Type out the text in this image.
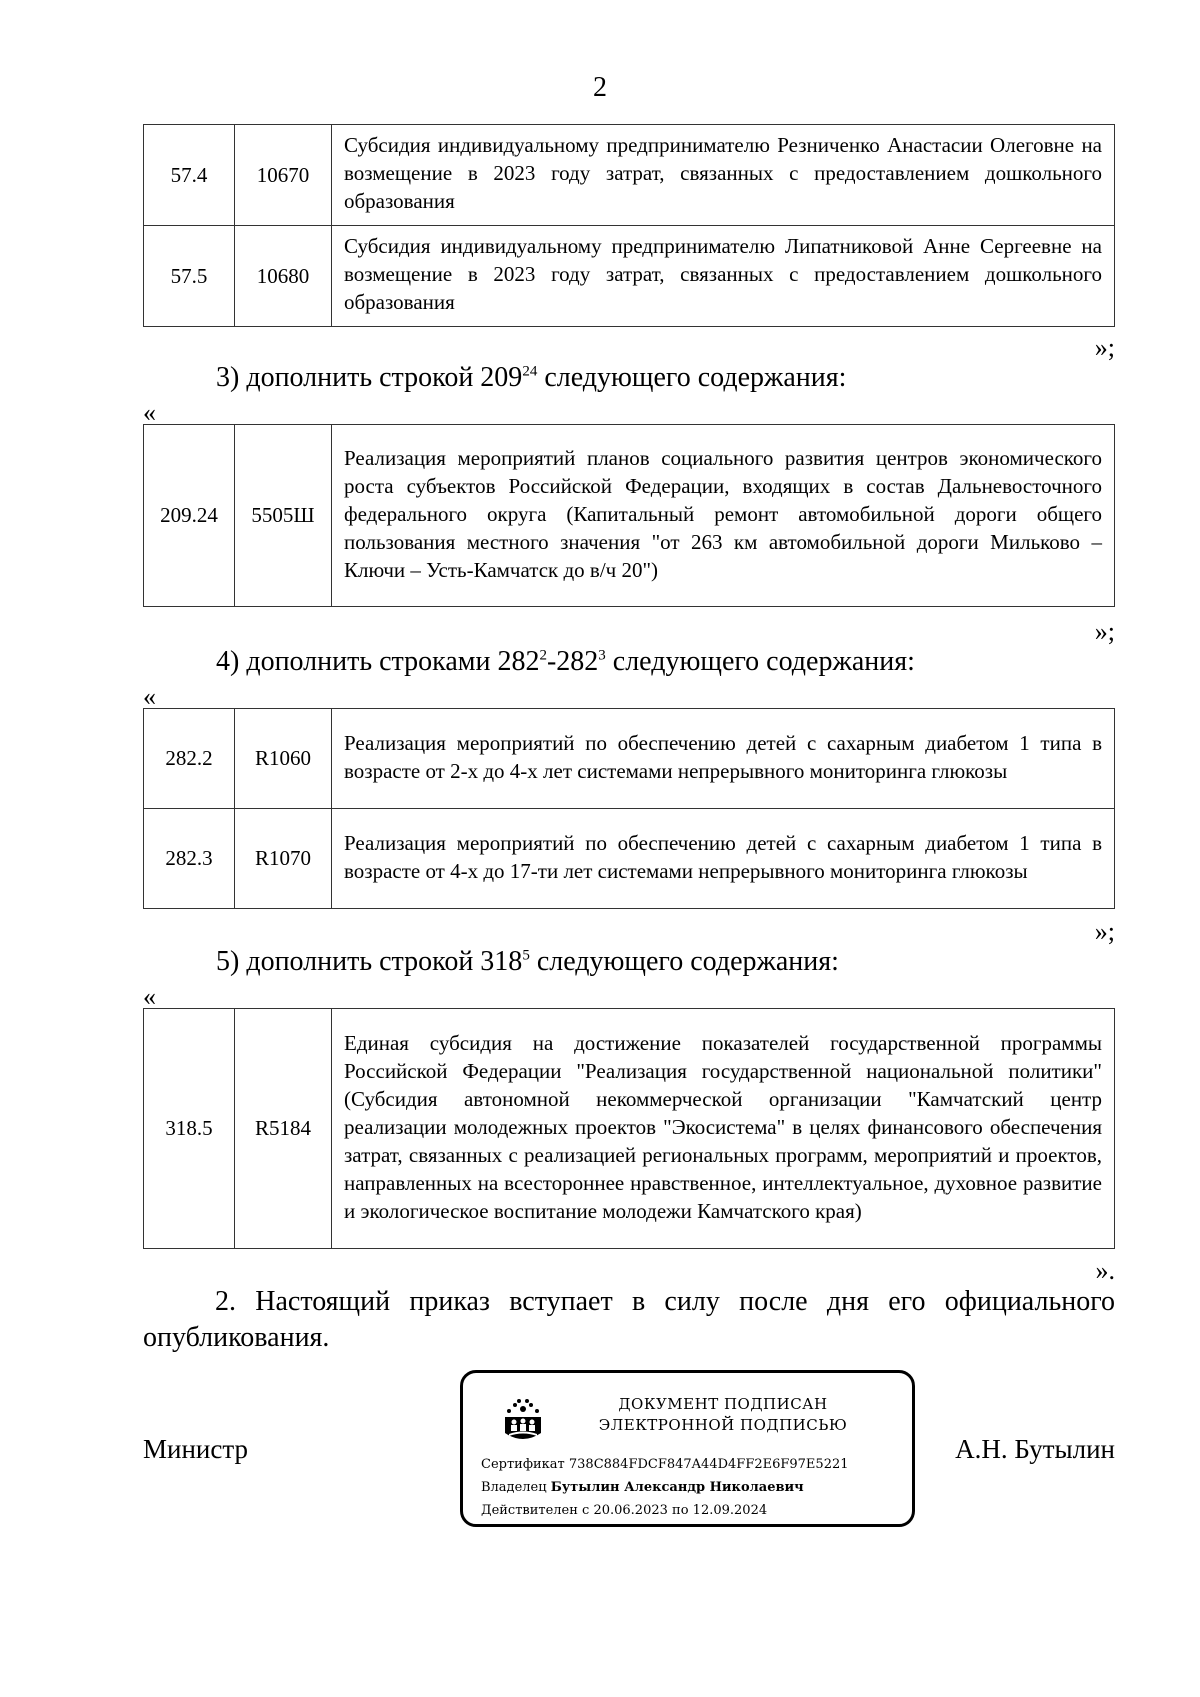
2
57.4	10670	Субсидия индивидуальному предпринимателю Резниченко Анастасии Олеговне на возмещение в 2023 году затрат, связанных с предоставлением дошкольного образования
57.5	10680	Субсидия индивидуальному предпринимателю Липатниковой Анне Сергеевне на возмещение в 2023 году затрат, связанных с предоставлением дошкольного образования
»;
3) дополнить строкой $209^{24}$ следующего содержания:
«
209.24	5505Ш	Реализация мероприятий планов социального развития центров экономического роста субъектов Российской Федерации, входящих в состав Дальневосточного федерального округа (Капитальный ремонт автомобильной дороги общего пользования местного значения "от 263 км автомобильной дороги Мильково – Ключи – Усть-Камчатск до в/ч 20")
»;
4) дополнить строками $282^2-282^3$ следующего содержания:
«
282.2	R1060	Реализация мероприятий по обеспечению детей с сахарным диабетом 1 типа в возрасте от 2-х до 4-х лет системами непрерывного мониторинга глюкозы
282.3	R1070	Реализация мероприятий по обеспечению детей с сахарным диабетом 1 типа в возрасте от 4-х до 17-ти лет системами непрерывного мониторинга глюкозы
»;
5) дополнить строкой $318^5$ следующего содержания:
«
318.5	R5184	Единая субсидия на достижение показателей государственной программы Российской Федерации "Реализация государственной национальной политики" (Субсидия автономной некоммерческой организации "Камчатский центр реализации молодежных проектов "Экосистема" в целях финансового обеспечения затрат, связанных с реализацией региональных программ, мероприятий и проектов, направленных на всестороннее нравственное, интеллектуальное, духовное развитие и экологическое воспитание молодежи Камчатского края)
».
2. Настоящий приказ вступает в силу после дня его официального опубликования.
Министр	А.Н. Бутылин
ДОКУМЕНТ ПОДПИСАН
ЭЛЕКТРОННОЙ ПОДПИСЬЮ
Сертификат 738C884FDCF847A44D4FF2E6F97E5221
Владелец Бутылин Александр Николаевич
Действителен с 20.06.2023 по 12.09.2024
